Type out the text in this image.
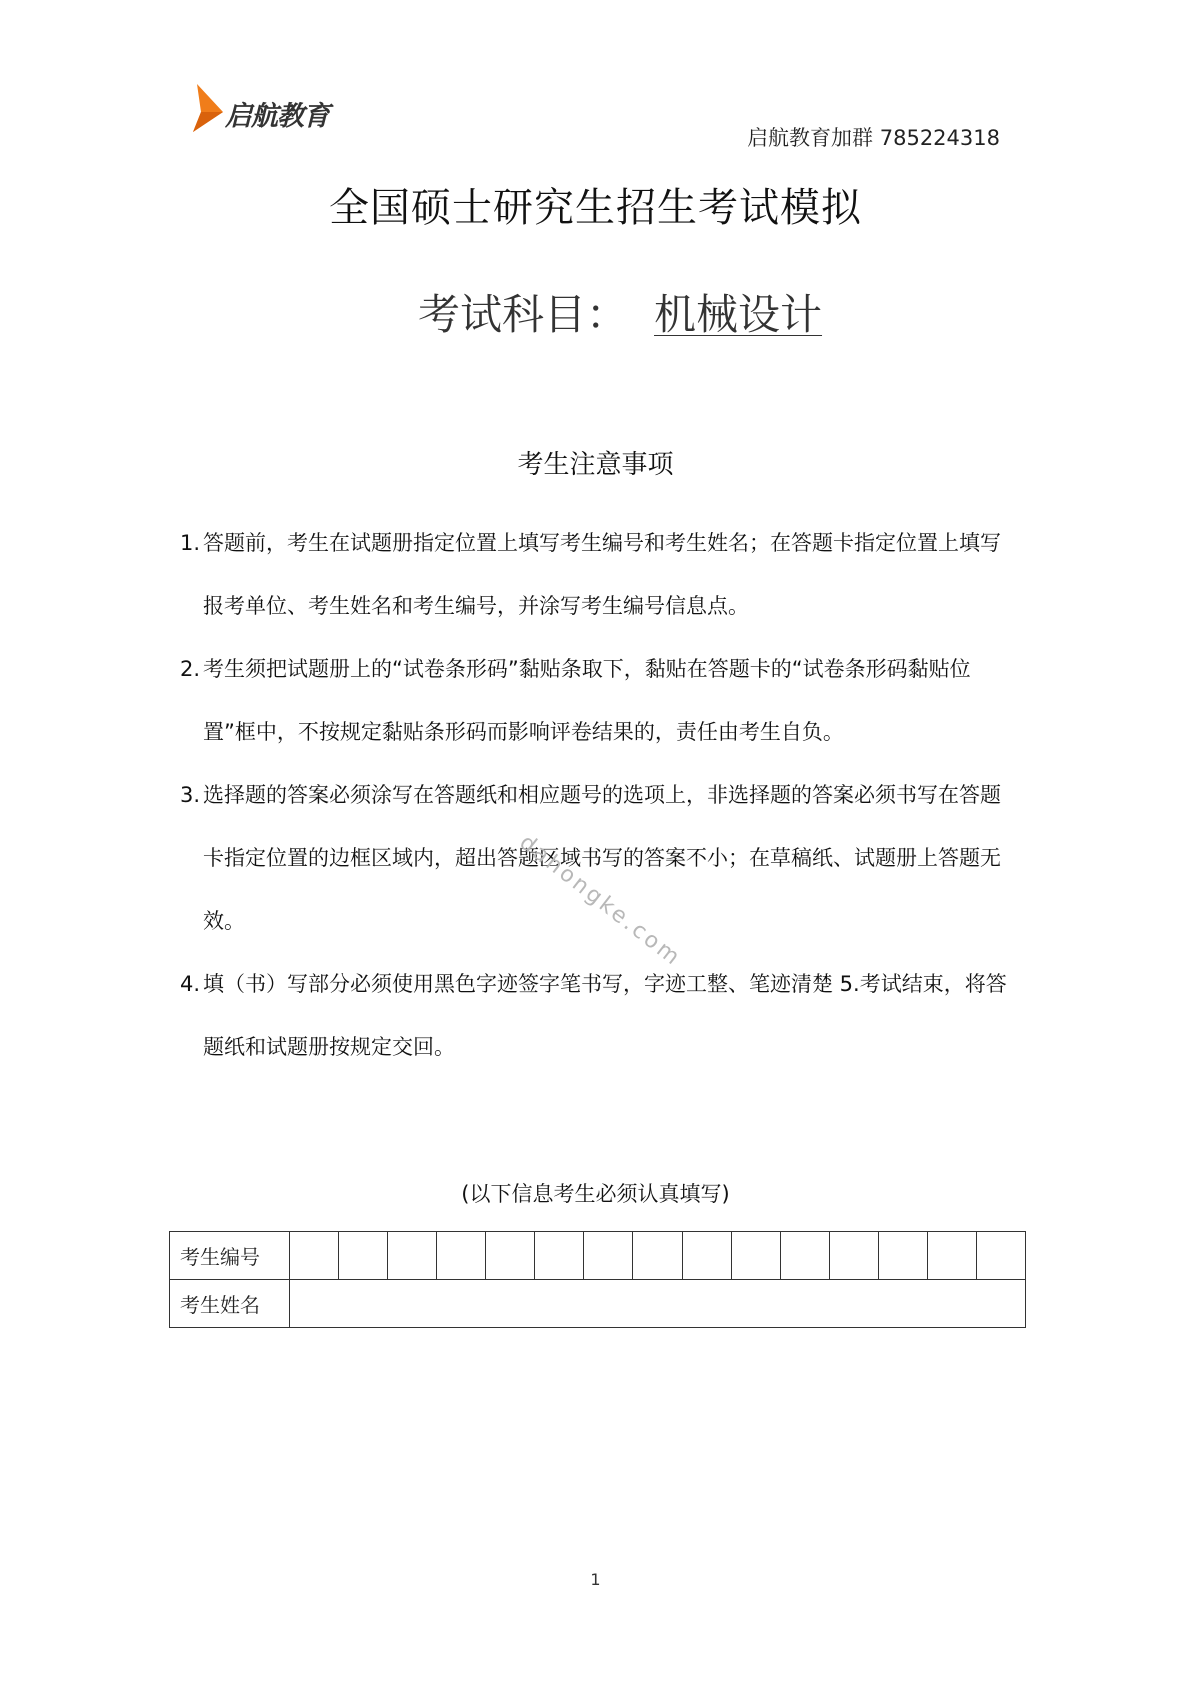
启航教育
启航教育加群 785224318
全国硕士研究生招生考试模拟
考试科目： 机械设计
考生注意事项
1. 答题前，考生在试题册指定位置上填写考生编号和考生姓名；在答题卡指定位置上填写报考单位、考生姓名和考生编号，并涂写考生编号信息点。
2. 考生须把试题册上的“试卷条形码”黏贴条取下，黏贴在答题卡的“试卷条形码黏贴位置”框中，不按规定黏贴条形码而影响评卷结果的，责任由考生自负。
3. 选择题的答案必须涂写在答题纸和相应题号的选项上，非选择题的答案必须书写在答题卡指定位置的边框区域内，超出答题区域书写的答案不小；在草稿纸、试题册上答题无效。
4. 填（书）写部分必须使用黑色字迹签字笔书写，字迹工整、笔迹清楚 5.考试结束，将答题纸和试题册按规定交回。
dahongke.com
(以下信息考生必须认真填写)
考生编号															
考生姓名															
1
